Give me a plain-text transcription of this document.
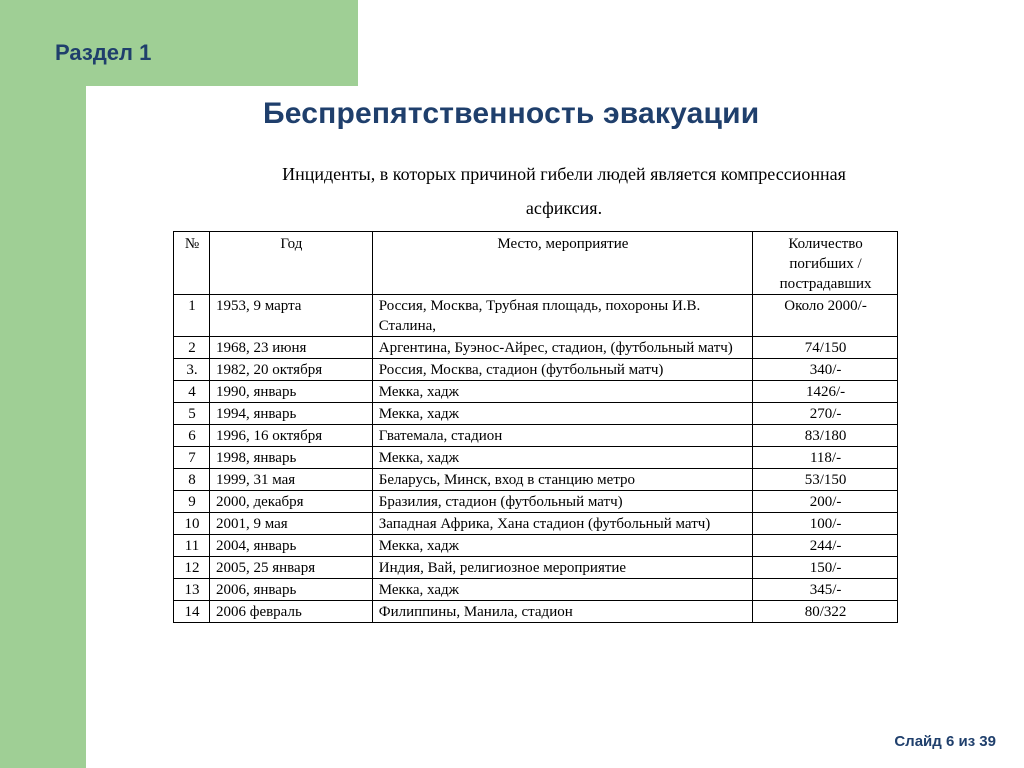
Раздел 1
Беспрепятственность эвакуации
Инциденты, в которых причиной гибели людей является компрессионная асфиксия.
№	Год	Место, мероприятие	Количество погибших /пострадавших
1	1953, 9 марта	Россия, Москва, Трубная площадь, похороны И.В. Сталина,	Около 2000/-
2	1968, 23 июня	Аргентина, Буэнос-Айрес, стадион, (футбольный матч)	74/150
3.	1982, 20 октября	Россия, Москва, стадион (футбольный матч)	340/-
4	1990, январь	Мекка, хадж	1426/-
5	1994, январь	Мекка, хадж	270/-
6	1996, 16 октября	Гватемала, стадион	83/180
7	1998, январь	Мекка, хадж	118/-
8	1999, 31 мая	Беларусь, Минск, вход в станцию метро	53/150
9	2000, декабря	Бразилия, стадион (футбольный матч)	200/-
10	2001, 9 мая	Западная Африка, Хана стадион (футбольный матч)	100/-
11	2004, январь	Мекка, хадж	244/-
12	2005, 25 января	Индия, Вай, религиозное мероприятие	150/-
13	2006, январь	Мекка, хадж	345/-
14	2006 февраль	Филиппины, Манила, стадион	80/322
Слайд 6 из 39
